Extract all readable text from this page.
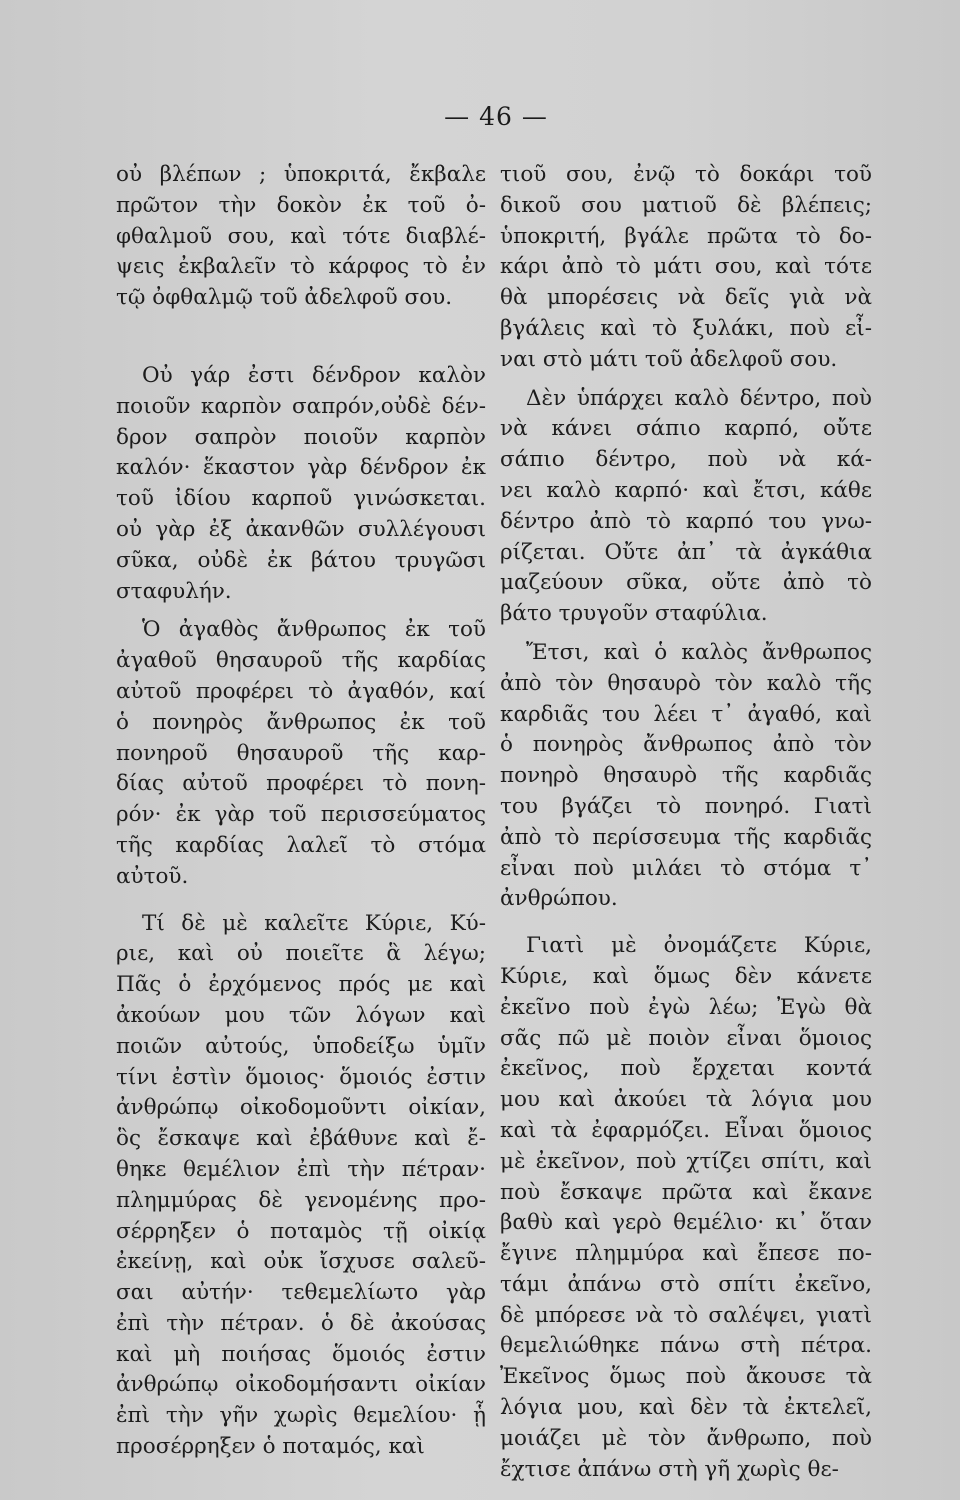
— 46 —
οὐ βλέπων ; ὑποκριτά, ἔκβαλε
πρῶτον τὴν δοκὸν ἐκ τοῦ ὀ-
φθαλμοῦ σου, καὶ τότε διαβλέ-
ψεις ἐκβαλεῖν τὸ κάρφος τὸ ἐν
τῷ ὀφθαλμῷ τοῦ ἀδελφοῦ σου.
Οὐ γάρ ἐστι δένδρον καλὸν
ποιοῦν καρπὸν σαπρόν,οὐδὲ δέν-
δρον σαπρὸν ποιοῦν καρπὸν
καλόν· ἕκαστον γὰρ δένδρον ἐκ
τοῦ ἰδίου καρποῦ γινώσκεται.
οὐ γὰρ ἐξ ἀκανθῶν συλλέγουσι
σῦκα, οὐδὲ ἐκ βάτου τρυγῶσι
σταφυλήν.
Ὁ ἀγαθὸς ἄνθρωπος ἐκ τοῦ
ἀγαθοῦ θησαυροῦ τῆς καρδίας
αὐτοῦ προφέρει τὸ ἀγαθόν, καί
ὁ πονηρὸς ἄνθρωπος ἐκ τοῦ
πονηροῦ θησαυροῦ τῆς καρ-
δίας αὐτοῦ προφέρει τὸ πονη-
ρόν· ἐκ γὰρ τοῦ περισσεύματος
τῆς καρδίας λαλεῖ τὸ στόμα
αὐτοῦ.
Τί δὲ μὲ καλεῖτε Κύριε, Κύ-
ριε, καὶ οὐ ποιεῖτε ἃ λέγω;
Πᾶς ὁ ἐρχόμενος πρός με καὶ
ἀκούων μου τῶν λόγων καὶ
ποιῶν αὐτούς, ὑποδείξω ὑμῖν
τίνι ἐστὶν ὅμοιος· ὅμοιός ἐστιν
ἀνθρώπῳ οἰκοδομοῦντι οἰκίαν,
ὃς ἔσκαψε καὶ ἐβάθυνε καὶ ἔ-
θηκε θεμέλιον ἐπὶ τὴν πέτραν·
πλημμύρας δὲ γενομένης προ-
σέρρηξεν ὁ ποταμὸς τῇ οἰκίᾳ
ἐκείνῃ, καὶ οὐκ ἴσχυσε σαλεῦ-
σαι αὐτήν· τεθεμελίωτο γὰρ
ἐπὶ τὴν πέτραν. ὁ δὲ ἀκούσας
καὶ μὴ ποιήσας ὅμοιός ἐστιν
ἀνθρώπῳ οἰκοδομήσαντι οἰκίαν
ἐπὶ τὴν γῆν χωρὶς θεμελίου· ᾗ
προσέρρηξεν ὁ ποταμός, καὶ
τιοῦ σου, ἐνῷ τὸ δοκάρι τοῦ
δικοῦ σου ματιοῦ δὲ βλέπεις;
ὑποκριτή, βγάλε πρῶτα τὸ δο-
κάρι ἀπὸ τὸ μάτι σου, καὶ τότε
θὰ μπορέσεις νὰ δεῖς γιὰ νὰ
βγάλεις καὶ τὸ ξυλάκι, ποὺ εἶ-
ναι στὸ μάτι τοῦ ἀδελφοῦ σου.
Δὲν ὑπάρχει καλὸ δέντρο, ποὺ
νὰ κάνει σάπιο καρπό, οὔτε
σάπιο δέντρο, ποὺ νὰ κά-
νει καλὸ καρπό· καὶ ἔτσι, κάθε
δέντρο ἀπὸ τὸ καρπό του γνω-
ρίζεται. Οὔτε ἀπ᾽ τὰ ἀγκάθια
μαζεύουν σῦκα, οὔτε ἀπὸ τὸ
βάτο τρυγοῦν σταφύλια.
Ἔτσι, καὶ ὁ καλὸς ἄνθρωπος
ἀπὸ τὸν θησαυρὸ τὸν καλὸ τῆς
καρδιᾶς του λέει τ᾽ ἀγαθό, καὶ
ὁ πονηρὸς ἄνθρωπος ἀπὸ τὸν
πονηρὸ θησαυρὸ τῆς καρδιᾶς
του βγάζει τὸ πονηρό. Γιατὶ
ἀπὸ τὸ περίσσευμα τῆς καρδιᾶς
εἶναι ποὺ μιλάει τὸ στόμα τ᾽
ἀνθρώπου.
Γιατὶ μὲ ὀνομάζετε Κύριε,
Κύριε, καὶ ὅμως δὲν κάνετε
ἐκεῖνο ποὺ ἐγὼ λέω; Ἐγὼ θὰ
σᾶς πῶ μὲ ποιὸν εἶναι ὅμοιος
ἐκεῖνος, ποὺ ἔρχεται κοντά
μου καὶ ἀκούει τὰ λόγια μου
καὶ τὰ ἐφαρμόζει. Εἶναι ὅμοιος
μὲ ἐκεῖνον, ποὺ χτίζει σπίτι, καὶ
ποὺ ἔσκαψε πρῶτα καὶ ἔκανε
βαθὺ καὶ γερὸ θεμέλιο· κι᾽ ὅταν
ἔγινε πλημμύρα καὶ ἔπεσε πο-
τάμι ἀπάνω στὸ σπίτι ἐκεῖνο,
δὲ μπόρεσε νὰ τὸ σαλέψει, γιατὶ
θεμελιώθηκε πάνω στὴ πέτρα.
Ἐκεῖνος ὅμως ποὺ ἄκουσε τὰ
λόγια μου, καὶ δὲν τὰ ἐκτελεῖ,
μοιάζει μὲ τὸν ἄνθρωπο, ποὺ
ἔχτισε ἀπάνω στὴ γῆ χωρὶς θε-
